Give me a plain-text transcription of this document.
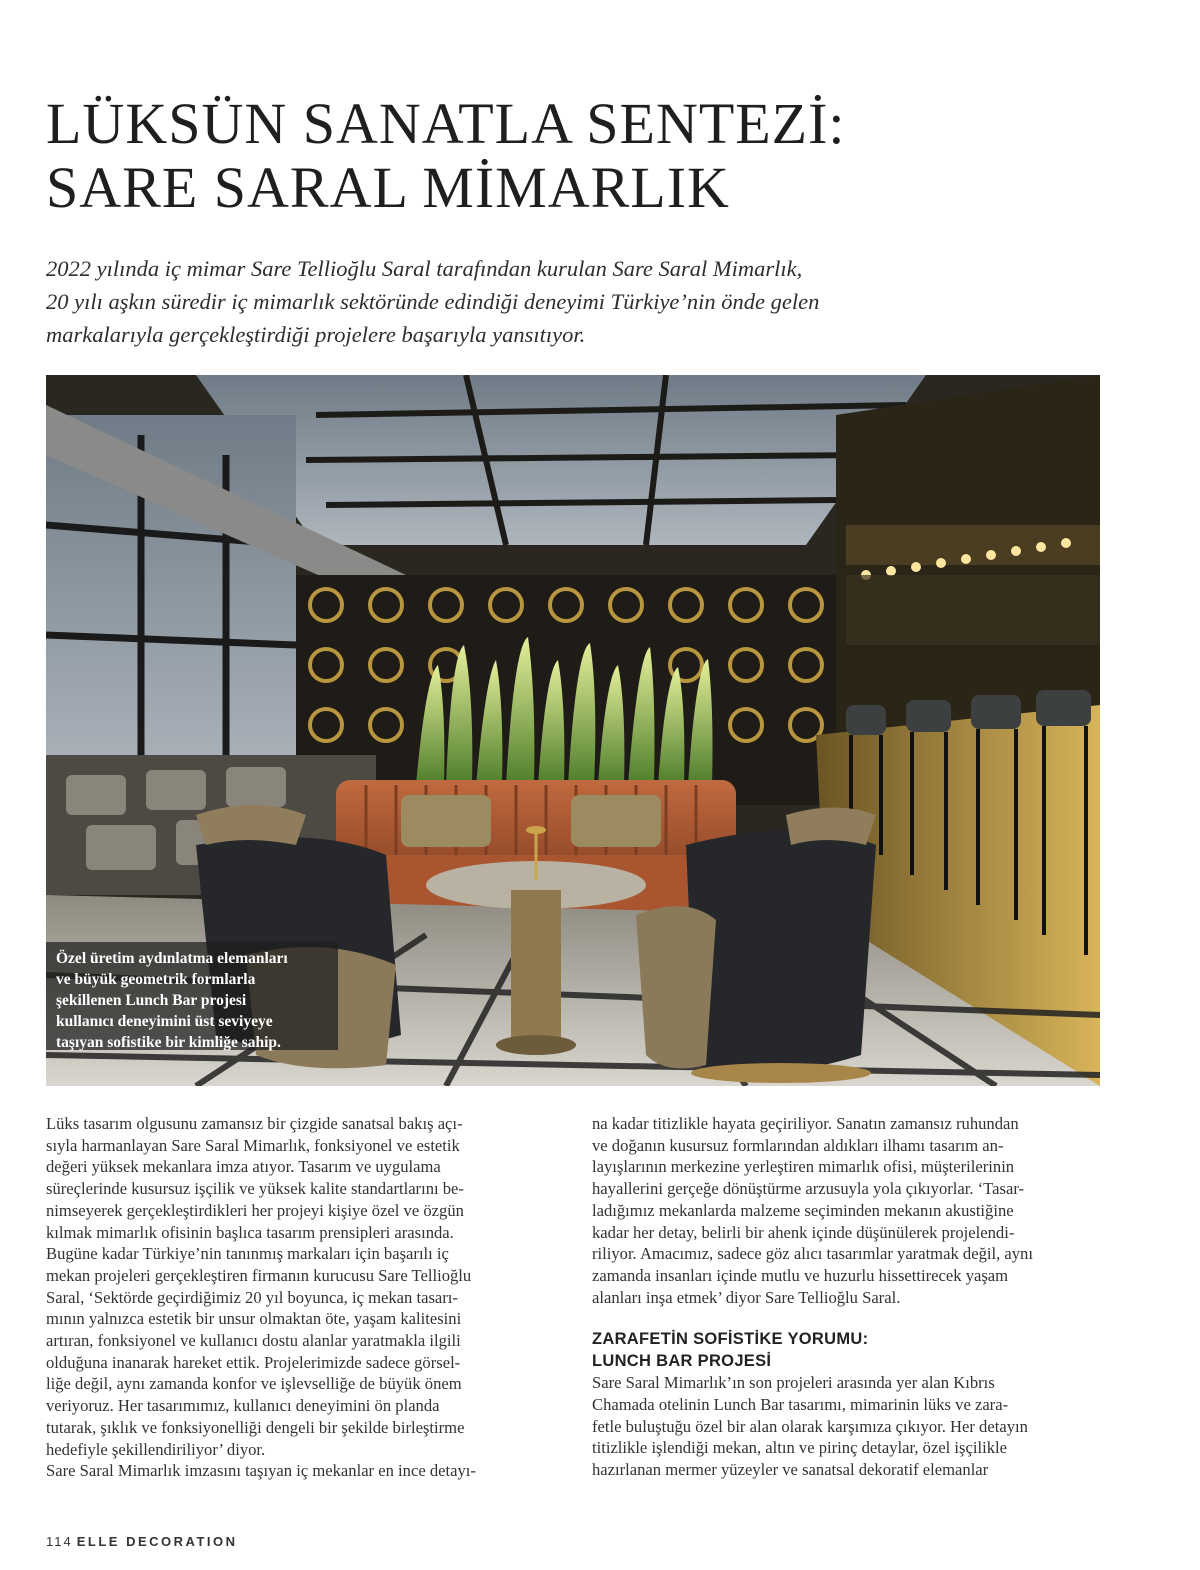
LÜKSÜN SANATLA SENTEZİ:
SARE SARAL MİMARLIK

2022 yılında iç mimar Sare Tellioğlu Saral tarafından kurulan Sare Saral Mimarlık,
20 yılı aşkın süredir iç mimarlık sektöründe edindiği deneyimi Türkiye’nin önde gelen
markalarıyla gerçekleştirdiği projelere başarıyla yansıtıyor.

Özel üretim aydınlatma elemanları
ve büyük geometrik formlarla
şekillenen Lunch Bar projesi
kullanıcı deneyimini üst seviyeye
taşıyan sofistike bir kimliğe sahip.
Lüks tasarım olgusunu zamansız bir çizgide sanatsal bakış açı-
sıyla harmanlayan Sare Saral Mimarlık, fonksiyonel ve estetik
değeri yüksek mekanlara imza atıyor. Tasarım ve uygulama
süreçlerinde kusursuz işçilik ve yüksek kalite standartlarını be-
nimseyerek gerçekleştirdikleri her projeyi kişiye özel ve özgün
kılmak mimarlık ofisinin başlıca tasarım prensipleri arasında.
Bugüne kadar Türkiye’nin tanınmış markaları için başarılı iç
mekan projeleri gerçekleştiren firmanın kurucusu Sare Tellioğlu
Saral, ‘Sektörde geçirdiğimiz 20 yıl boyunca, iç mekan tasarı-
mının yalnızca estetik bir unsur olmaktan öte, yaşam kalitesini
artıran, fonksiyonel ve kullanıcı dostu alanlar yaratmakla ilgili
olduğuna inanarak hareket ettik. Projelerimizde sadece görsel-
liğe değil, aynı zamanda konfor ve işlevselliğe de büyük önem
veriyoruz. Her tasarımımız, kullanıcı deneyimini ön planda
tutarak, şıklık ve fonksiyonelliği dengeli bir şekilde birleştirme
hedefiyle şekillendiriliyor’ diyor.
Sare Saral Mimarlık imzasını taşıyan iç mekanlar en ince detayı-
na kadar titizlikle hayata geçiriliyor. Sanatın zamansız ruhundan
ve doğanın kusursuz formlarından aldıkları ilhamı tasarım an-
layışlarının merkezine yerleştiren mimarlık ofisi, müşterilerinin
hayallerini gerçeğe dönüştürme arzusuyla yola çıkıyorlar. ‘Tasar-
ladığımız mekanlarda malzeme seçiminden mekanın akustiğine
kadar her detay, belirli bir ahenk içinde düşünülerek projelendi-
riliyor. Amacımız, sadece göz alıcı tasarımlar yaratmak değil, aynı
zamanda insanları içinde mutlu ve huzurlu hissettirecek yaşam
alanları inşa etmek’ diyor Sare Tellioğlu Saral.
ZARAFETİN SOFİSTİKE YORUMU:
LUNCH BAR PROJESİ
Sare Saral Mimarlık’ın son projeleri arasında yer alan Kıbrıs
Chamada otelinin Lunch Bar tasarımı, mimarinin lüks ve zara-
fetle buluştuğu özel bir alan olarak karşımıza çıkıyor. Her detayın
titizlikle işlendiği mekan, altın ve pirinç detaylar, özel işçilikle
hazırlanan mermer yüzeyler ve sanatsal dekoratif elemanlar
114 ELLE DECORATION
